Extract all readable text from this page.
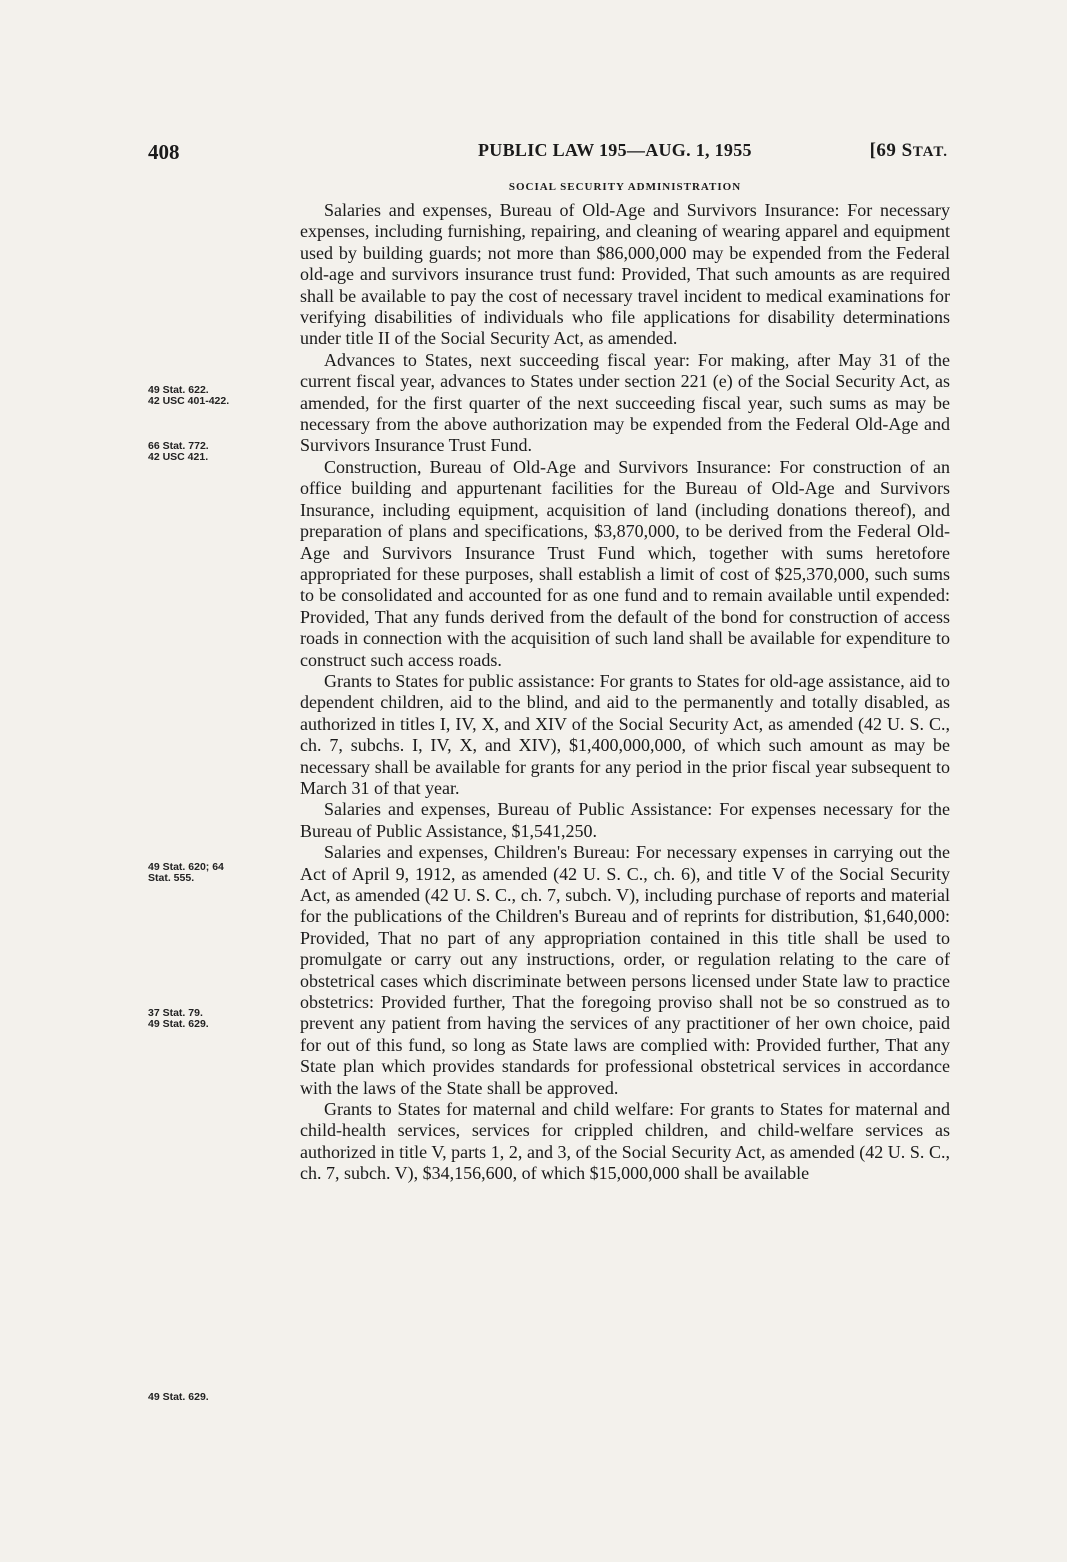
408	PUBLIC LAW 195—AUG. 1, 1955	[69 STAT.
SOCIAL SECURITY ADMINISTRATION
49 Stat. 622.
42 USC 401-422.
66 Stat. 772.
42 USC 421.
49 Stat. 620; 64
Stat. 555.
37 Stat. 79.
49 Stat. 629.
49 Stat. 629.

Salaries and expenses, Bureau of Old-Age and Survivors Insurance: For necessary expenses, including furnishing, repairing, and cleaning of wearing apparel and equipment used by building guards; not more than $86,000,000 may be expended from the Federal old-age and survivors insurance trust fund: Provided, That such amounts as are required shall be available to pay the cost of necessary travel incident to medical examinations for verifying disabilities of individuals who file applications for disability determinations under title II of the Social Security Act, as amended.

Advances to States, next succeeding fiscal year: For making, after May 31 of the current fiscal year, advances to States under section 221 (e) of the Social Security Act, as amended, for the first quarter of the next succeeding fiscal year, such sums as may be necessary from the above authorization may be expended from the Federal Old-Age and Survivors Insurance Trust Fund.

Construction, Bureau of Old-Age and Survivors Insurance: For construction of an office building and appurtenant facilities for the Bureau of Old-Age and Survivors Insurance, including equipment, acquisition of land (including donations thereof), and preparation of plans and specifications, $3,870,000, to be derived from the Federal Old-Age and Survivors Insurance Trust Fund which, together with sums heretofore appropriated for these purposes, shall establish a limit of cost of $25,370,000, such sums to be consolidated and accounted for as one fund and to remain available until expended: Provided, That any funds derived from the default of the bond for construction of access roads in connection with the acquisition of such land shall be available for expenditure to construct such access roads.

Grants to States for public assistance: For grants to States for old-age assistance, aid to dependent children, aid to the blind, and aid to the permanently and totally disabled, as authorized in titles I, IV, X, and XIV of the Social Security Act, as amended (42 U. S. C., ch. 7, subchs. I, IV, X, and XIV), $1,400,000,000, of which such amount as may be necessary shall be available for grants for any period in the prior fiscal year subsequent to March 31 of that year.

Salaries and expenses, Bureau of Public Assistance: For expenses necessary for the Bureau of Public Assistance, $1,541,250.

Salaries and expenses, Children's Bureau: For necessary expenses in carrying out the Act of April 9, 1912, as amended (42 U. S. C., ch. 6), and title V of the Social Security Act, as amended (42 U. S. C., ch. 7, subch. V), including purchase of reports and material for the publications of the Children's Bureau and of reprints for distribution, $1,640,000: Provided, That no part of any appropriation contained in this title shall be used to promulgate or carry out any instructions, order, or regulation relating to the care of obstetrical cases which discriminate between persons licensed under State law to practice obstetrics: Provided further, That the foregoing proviso shall not be so construed as to prevent any patient from having the services of any practitioner of her own choice, paid for out of this fund, so long as State laws are complied with: Provided further, That any State plan which provides standards for professional obstetrical services in accordance with the laws of the State shall be approved.

Grants to States for maternal and child welfare: For grants to States for maternal and child-health services, services for crippled children, and child-welfare services as authorized in title V, parts 1, 2, and 3, of the Social Security Act, as amended (42 U. S. C., ch. 7, subch. V), $34,156,600, of which $15,000,000 shall be available
